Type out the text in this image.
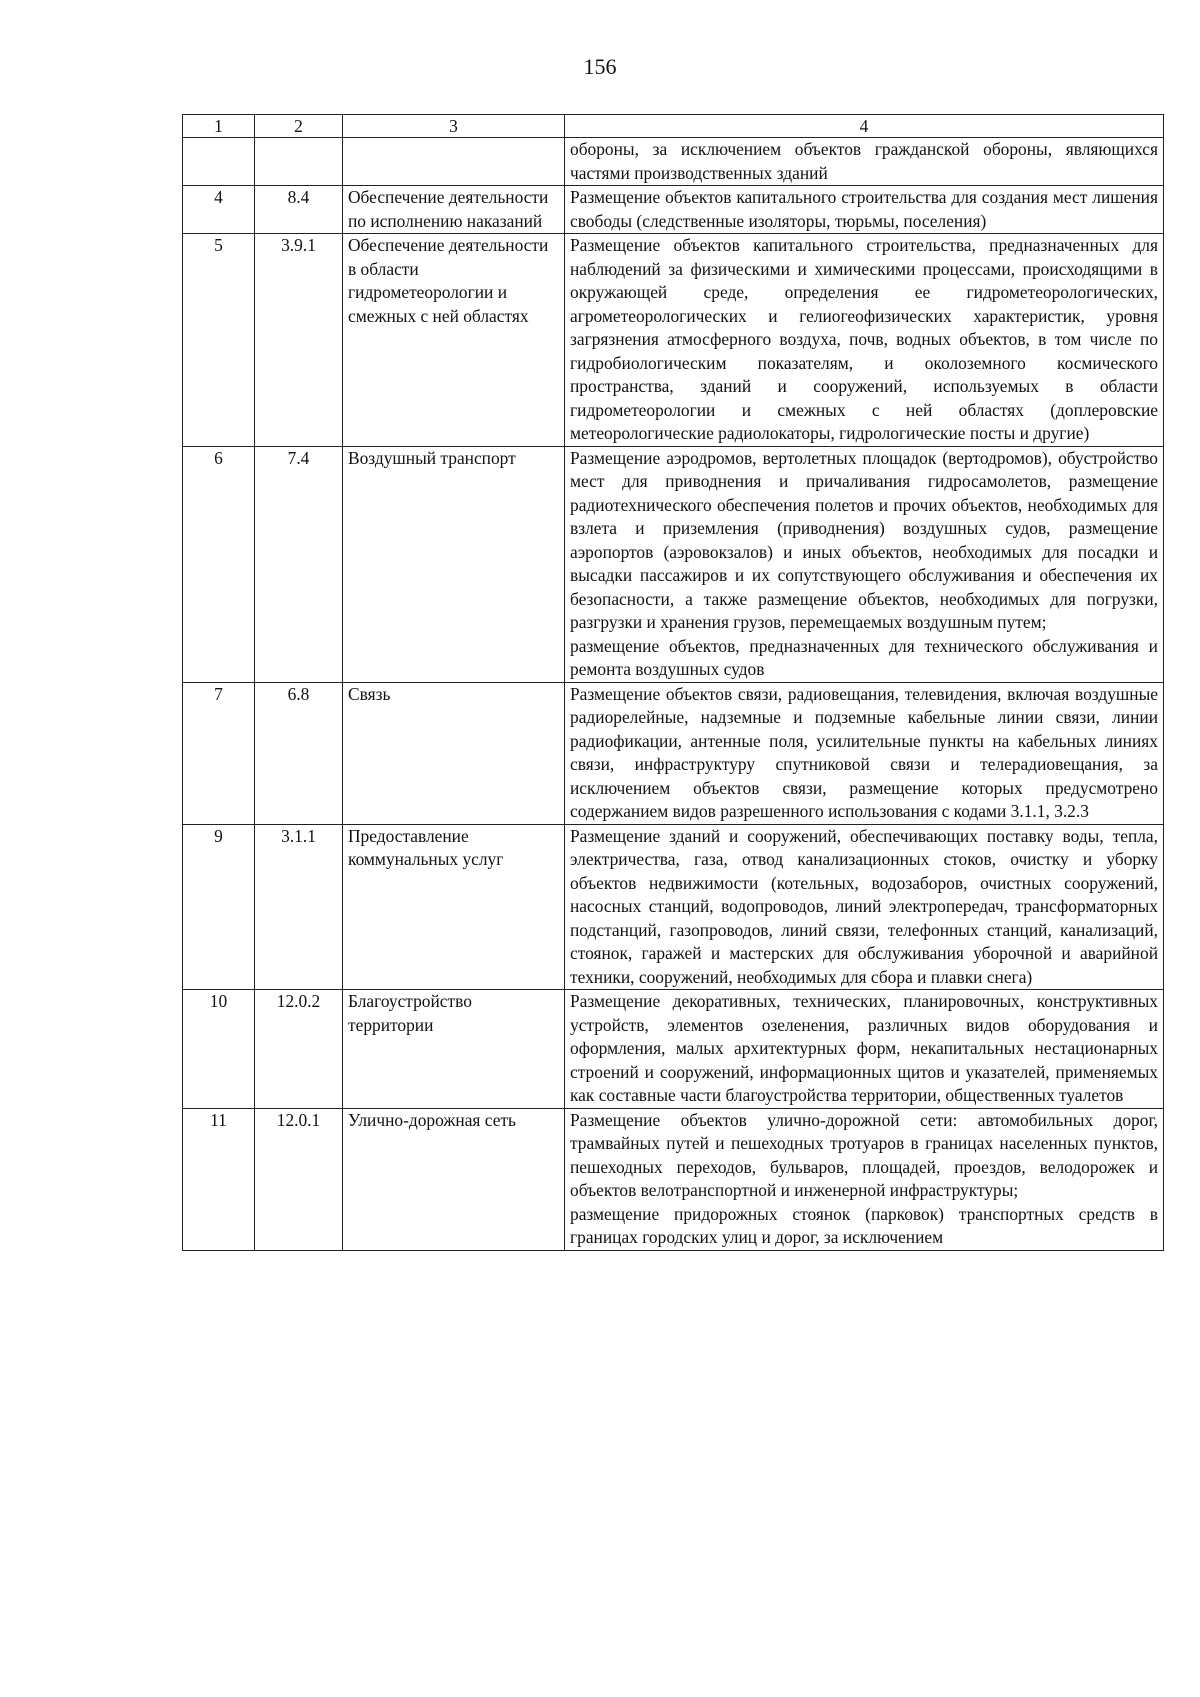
156
1	2	3	4

			обороны, за исключением объектов гражданской обороны, являющихся частями производственных зданий

4	8.4	Обеспечение деятельности по исполнению наказаний	Размещение объектов капитального строительства для создания мест лишения свободы (следственные изоляторы, тюрьмы, поселения)

5	3.9.1	Обеспечение деятельности в области гидрометеорологии и смежных с ней областях	Размещение объектов капитального строительства, предназначенных для наблюдений за физическими и химическими процессами, происходящими в окружающей среде, определения ее гидрометеорологических, агрометеорологических и гелиогеофизических характеристик, уровня загрязнения атмосферного воздуха, почв, водных объектов, в том числе по гидробиологическим показателям, и околоземного космического пространства, зданий и сооружений, используемых в области гидрометеорологии и смежных с ней областях (доплеровские метеорологические радиолокаторы, гидрологические посты и другие)

6	7.4	Воздушный транспорт	Размещение аэродромов, вертолетных площадок (вертодромов), обустройство мест для приводнения и причаливания гидросамолетов, размещение радиотехнического обеспечения полетов и прочих объектов, необходимых для взлета и приземления (приводнения) воздушных судов, размещение аэропортов (аэровокзалов) и иных объектов, необходимых для посадки и высадки пассажиров и их сопутствующего обслуживания и обеспечения их безопасности, а также размещение объектов, необходимых для погрузки, разгрузки и хранения грузов, перемещаемых воздушным путем;
размещение объектов, предназначенных для технического обслуживания и ремонта воздушных судов

7	6.8	Связь	Размещение объектов связи, радиовещания, телевидения, включая воздушные радиорелейные, надземные и подземные кабельные линии связи, линии радиофикации, антенные поля, усилительные пункты на кабельных линиях связи, инфраструктуру спутниковой связи и телерадиовещания, за исключением объектов связи, размещение которых предусмотрено содержанием видов разрешенного использования с кодами 3.1.1, 3.2.3

9	3.1.1	Предоставление коммунальных услуг	Размещение зданий и сооружений, обеспечивающих поставку воды, тепла, электричества, газа, отвод канализационных стоков, очистку и уборку объектов недвижимости (котельных, водозаборов, очистных сооружений, насосных станций, водопроводов, линий электропередач, трансформаторных подстанций, газопроводов, линий связи, телефонных станций, канализаций, стоянок, гаражей и мастерских для обслуживания уборочной и аварийной техники, сооружений, необходимых для сбора и плавки снега)

10	12.0.2	Благоустройство территории	Размещение декоративных, технических, планировочных, конструктивных устройств, элементов озеленения, различных видов оборудования и оформления, малых архитектурных форм, некапитальных нестационарных строений и сооружений, информационных щитов и указателей, применяемых как составные части благоустройства территории, общественных туалетов

11	12.0.1	Улично-дорожная сеть	Размещение объектов улично-дорожной сети: автомобильных дорог, трамвайных путей и пешеходных тротуаров в границах населенных пунктов, пешеходных переходов, бульваров, площадей, проездов, велодорожек и объектов велотранспортной и инженерной инфраструктуры;
размещение придорожных стоянок (парковок) транспортных средств в границах городских улиц и дорог, за исключением
